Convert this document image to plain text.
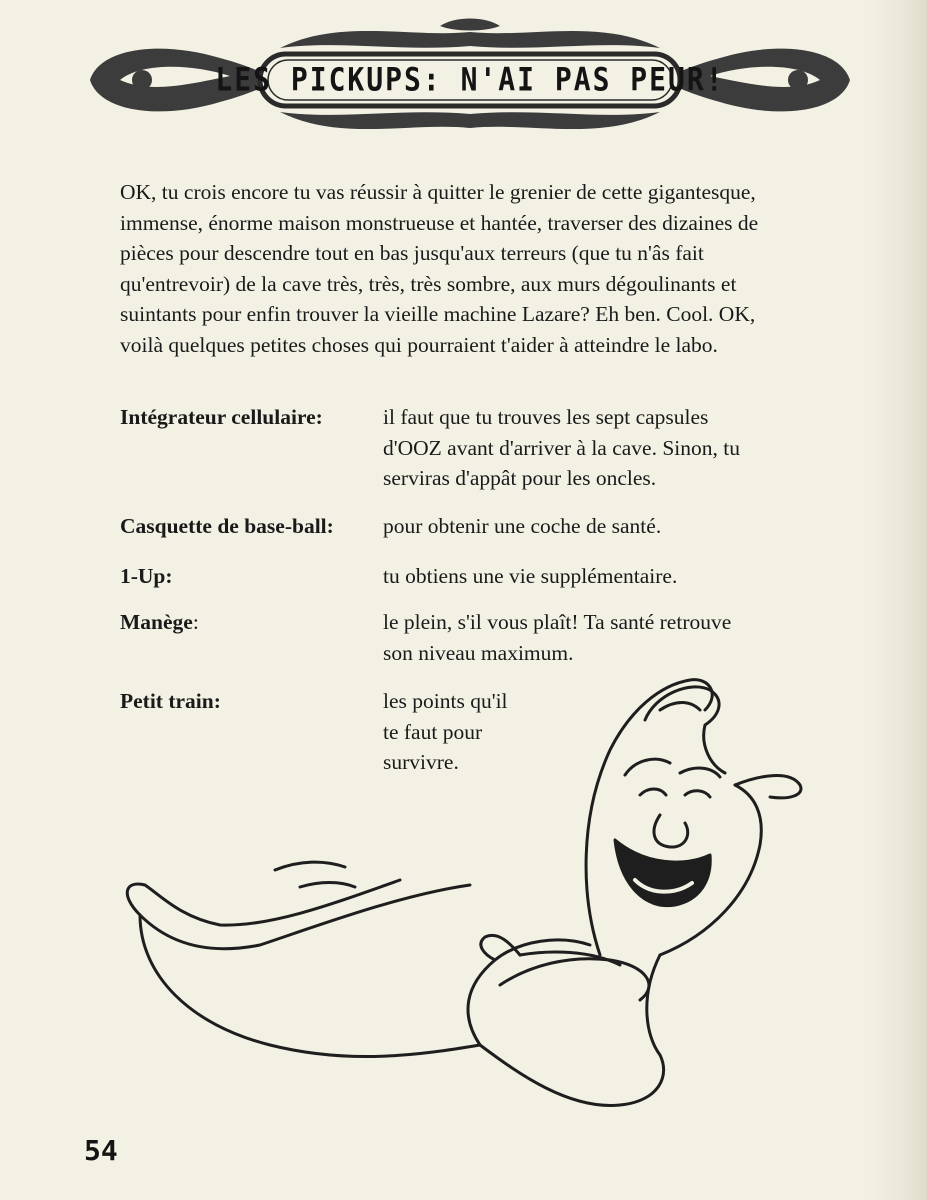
LES PICKUPS: N'AI PAS PEUR!

OK, tu crois encore tu vas réussir à quitter le grenier de cette gigantesque, immense, énorme maison monstrueuse et hantée, traverser des dizaines de pièces pour descendre tout en bas jusqu'aux terreurs (que tu n'âs fait qu'entrevoir) de la cave très, très, très sombre, aux murs dégoulinants et suintants pour enfin trouver la vieille machine Lazare? Eh ben. Cool. OK, voilà quelques petites choses qui pourraient t'aider à atteindre le labo.

Intégrateur cellulaire:	il faut que tu trouves les sept capsules
d'OOZ avant d'arriver à la cave. Sinon, tu
serviras d'appât pour les oncles.
Casquette de base-ball: pour obtenir une coche de santé.
1-Up:	tu obtiens une vie supplémentaire.
Manège:	le plein, s'il vous plaît! Ta santé retrouve
son niveau maximum.
Petit train:	les points qu'il
te faut pour
survivre.
54
